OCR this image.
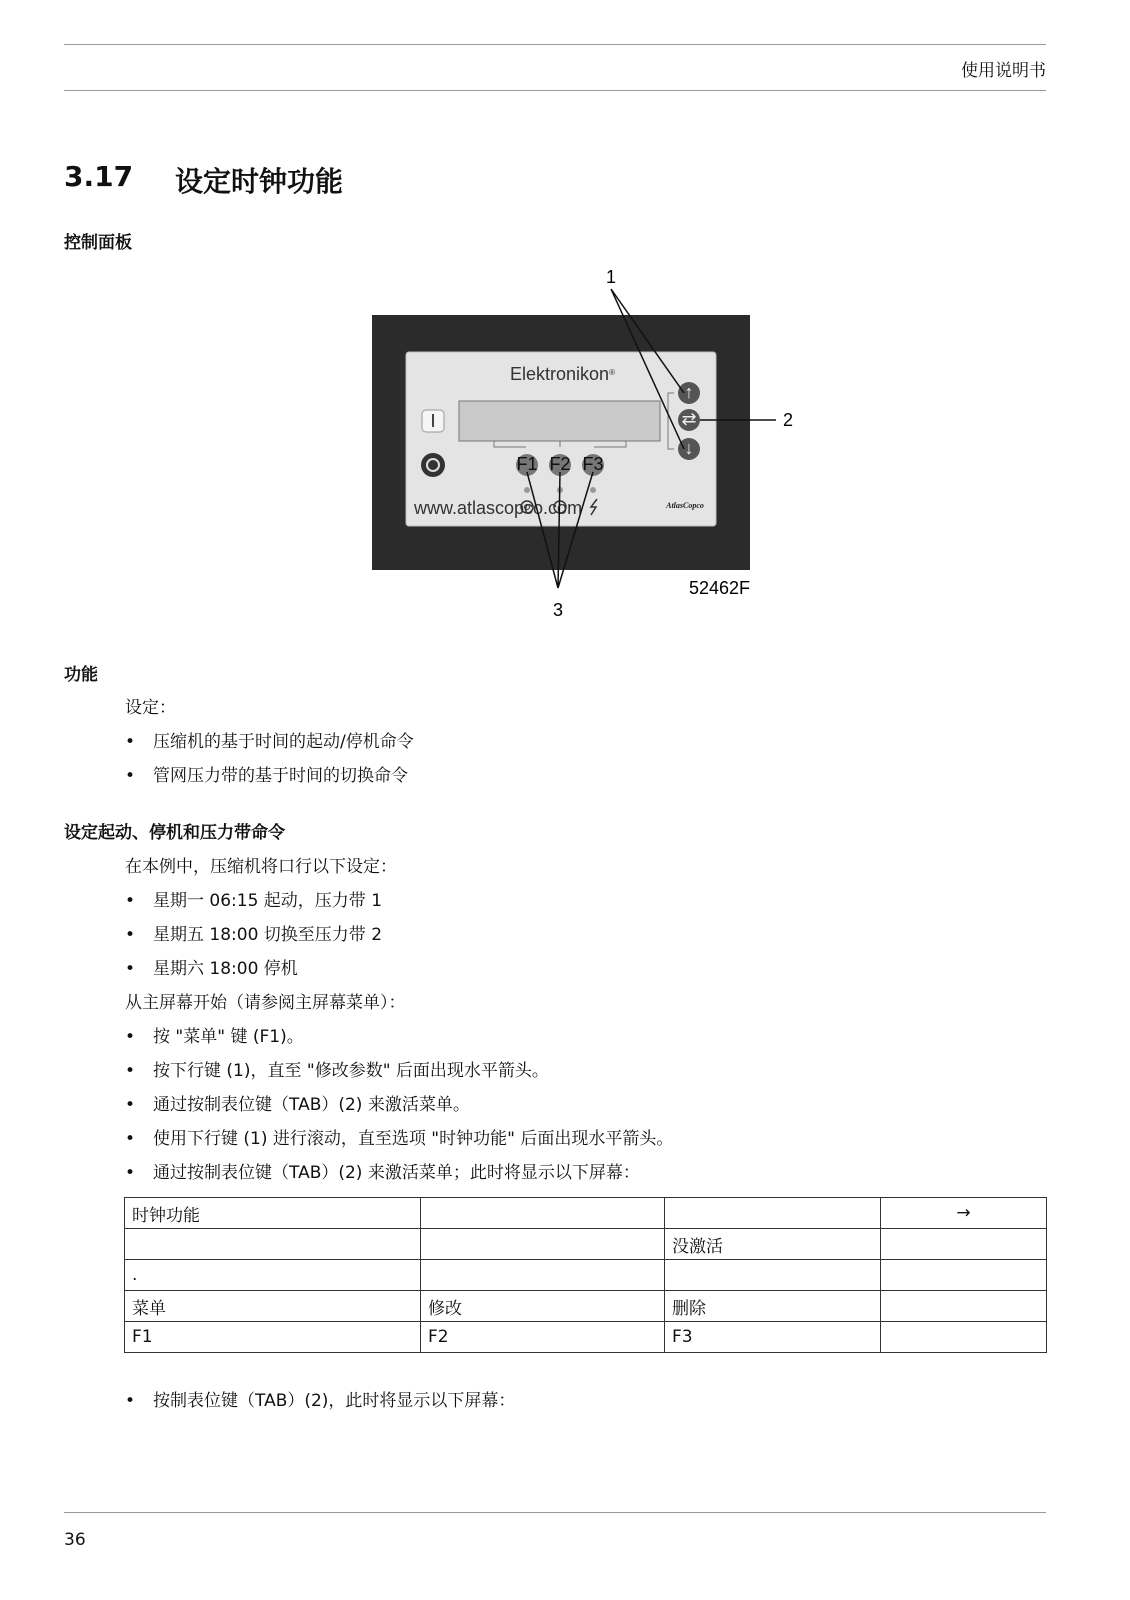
使用说明书
3.17 设定时钟功能
控制面板
Elektronikon®
I
F1 F2 F3
↑
⇄
↓
www.atlascopco.com	AtlasCopco
1
2
3
52462F
功能
设定：
• 压缩机的基于时间的起动/停机命令
• 管网压力带的基于时间的切换命令
设定起动、停机和压力带命令
在本例中，压缩机将口行以下设定：
• 星期一 06:15 起动，压力带 1
• 星期五 18:00 切换至压力带 2
• 星期六 18:00 停机
从主屏幕开始（请参阅主屏幕菜单）：
• 按 "菜单" 键 (F1)。
• 按下行键 (1)，直至 "修改参数" 后面出现水平箭头。
• 通过按制表位键（TAB）(2) 来激活菜单。
• 使用下行键 (1) 进行滚动，直至选项 "时钟功能" 后面出现水平箭头。
• 通过按制表位键（TAB）(2) 来激活菜单；此时将显示以下屏幕：
时钟功能			→
		没激活	
.			
菜单	修改	删除	
F1	F2	F3	
• 按制表位键（TAB）(2)，此时将显示以下屏幕：
36
